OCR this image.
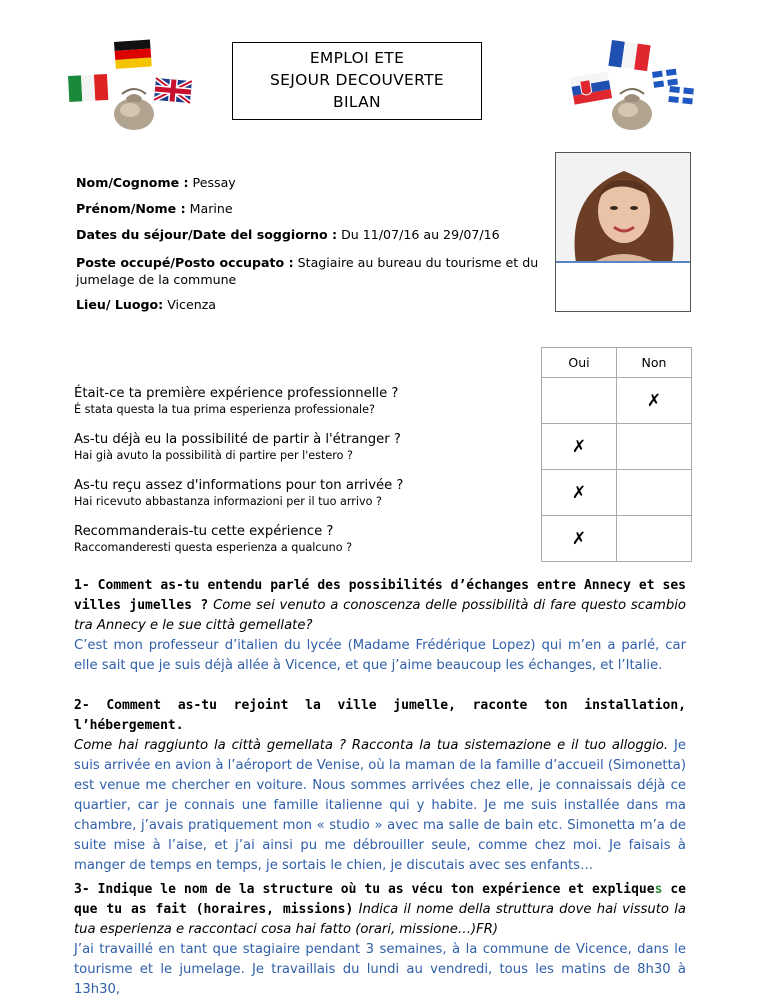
EMPLOI ETE
SEJOUR DECOUVERTE
BILAN
Nom/Cognome : Pessay
Prénom/Nome : Marine
Dates du séjour/Date del soggiorno : Du 11/07/16 au 29/07/16
Poste occupé/Posto occupato : Stagiaire au bureau du tourisme et du
jumelage de la commune
Lieu/ Luogo: Vicenza
	Oui	Non

Était-ce ta première expérience professionnelle ?
É stata questa la tua prima esperienza professionale?		✗

As-tu déjà eu la possibilité de partir à l'étranger ?
Hai già avuto la possibilità di partire per l'estero ?	✗	

As-tu reçu assez d'informations pour ton arrivée ?
Hai ricevuto abbastanza informazioni per il tuo arrivo ?	✗	

Recommanderais-tu cette expérience ?
Raccomanderesti questa esperienza a qualcuno ?	✗	
1- Comment as-tu entendu parlé des possibilités d’échanges entre Annecy et ses villes jumelles ? Come sei venuto a conoscenza delle possibilità di fare questo scambio tra Annecy e le sue città gemellate?
C’est mon professeur d’italien du lycée (Madame Frédérique Lopez) qui m’en a parlé, car elle sait que je suis déjà allée à Vicence, et que j’aime beaucoup les échanges, et l’Italie.
2- Comment as-tu rejoint la ville jumelle, raconte ton installation, l’hébergement.
Come hai raggiunto la città gemellata ? Racconta la tua sistemazione e il tuo alloggio. Je suis arrivée en avion à l’aéroport de Venise, où la maman de la famille d’accueil (Simonetta) est venue me chercher en voiture. Nous sommes arrivées chez elle, je connaissais déjà ce quartier, car je connais une famille italienne qui y habite. Je me suis installée dans ma chambre, j’avais pratiquement mon « studio » avec ma salle de bain etc. Simonetta m’a de suite mise à l’aise, et j’ai ainsi pu me débrouiller seule, comme chez moi. Je faisais à manger de temps en temps, je sortais le chien, je discutais avec ses enfants…
3- Indique le nom de la structure où tu as vécu ton expérience et expliques ce que tu as fait (horaires, missions) Indica il nome della struttura dove hai vissuto la tua esperienza e raccontaci cosa hai fatto (orari, missione…)FR)
J’ai travaillé en tant que stagiaire pendant 3 semaines, à la commune de Vicence, dans le tourisme et le jumelage. Je travaillais du lundi au vendredi, tous les matins de 8h30 à 13h30,
